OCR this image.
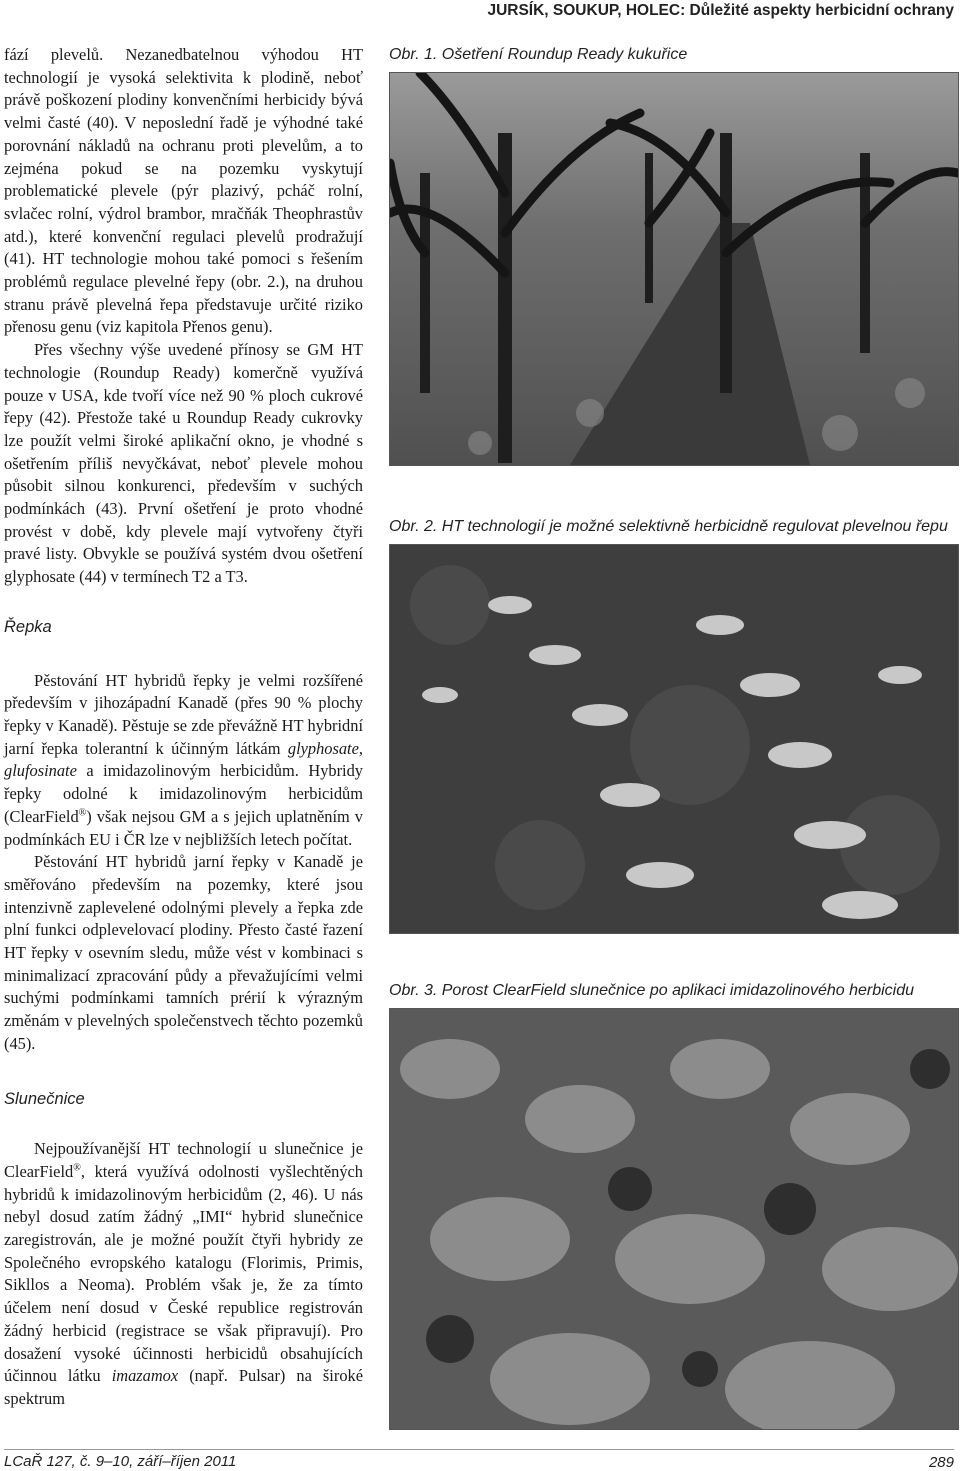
JURSÍK, SOUKUP, HOLEC: Důležité aspekty herbicidní ochrany

fází plevelů. Nezanedbatelnou výhodou HT technologií je vysoká selektivita k plodině, neboť právě poškození plodiny konvenčními herbicidy bývá velmi časté (40). V neposlední řadě je výhodné také porovnání nákladů na ochranu proti plevelům, a to zejména pokud se na pozemku vyskytují problematické plevele (pýr plazivý, pcháč rolní, svlačec rolní, výdrol brambor, mračňák Theophrastův atd.), které konvenční regulaci plevelů prodražují (41). HT technologie mohou také pomoci s řešením problémů regulace plevelné řepy (obr. 2.), na druhou stranu právě plevelná řepa představuje určité riziko přenosu genu (viz kapitola Přenos genu).

Přes všechny výše uvedené přínosy se GM HT technologie (Roundup Ready) komerčně využívá pouze v USA, kde tvoří více než 90 % ploch cukrové řepy (42). Přestože také u Roundup Ready cukrovky lze použít velmi široké aplikační okno, je vhodné s ošetřením příliš nevyčkávat, neboť plevele mohou působit silnou konkurenci, především v suchých podmínkách (43). První ošetření je proto vhodné provést v době, kdy plevele mají vytvořeny čtyři pravé listy. Obvykle se používá systém dvou ošetření glyphosate (44) v termínech T2 a T3.

Řepka

Pěstování HT hybridů řepky je velmi rozšířené především v jihozápadní Kanadě (přes 90 % plochy řepky v Kanadě). Pěstuje se zde převážně HT hybridní jarní řepka tolerantní k účinným látkám glyphosate, glufosinate a imidazolinovým herbicidům. Hybridy řepky odolné k imidazolinovým herbicidům (ClearField®) však nejsou GM a s jejich uplatněním v podmínkách EU i ČR lze v nejbližších letech počítat.

Pěstování HT hybridů jarní řepky v Kanadě je směřováno především na pozemky, které jsou intenzivně zaplevelené odolnými plevely a řepka zde plní funkci odplevelovací plodiny. Přesto časté řazení HT řepky v osevním sledu, může vést v kombinaci s minimalizací zpracování půdy a převažujícími velmi suchými podmínkami tamních prérií k výrazným změnám v plevelných společenstvech těchto pozemků (45).

Slunečnice

Nejpoužívanější HT technologií u slunečnice je ClearField®, která využívá odolnosti vyšlechtěných hybridů k imidazolinovým herbicidům (2, 46). U nás nebyl dosud zatím žádný „IMI“ hybrid slunečnice zaregistrován, ale je možné použít čtyři hybridy ze Společného evropského katalogu (Florimis, Primis, Sikllos a Neoma). Problém však je, že za tímto účelem není dosud v České republice registrován žádný herbicid (registrace se však připravují). Pro dosažení vysoké účinnosti herbicidů obsahujících účinnou látku imazamox (např. Pulsar) na široké spektrum

Obr. 1. Ošetření Roundup Ready kukuřice
Obr. 2. HT technologií je možné selektivně herbicidně regulovat plevelnou řepu
Obr. 3. Porost ClearField slunečnice po aplikaci imidazolinového herbicidu
LCaŘ 127, č. 9–10, září–říjen 2011	289
